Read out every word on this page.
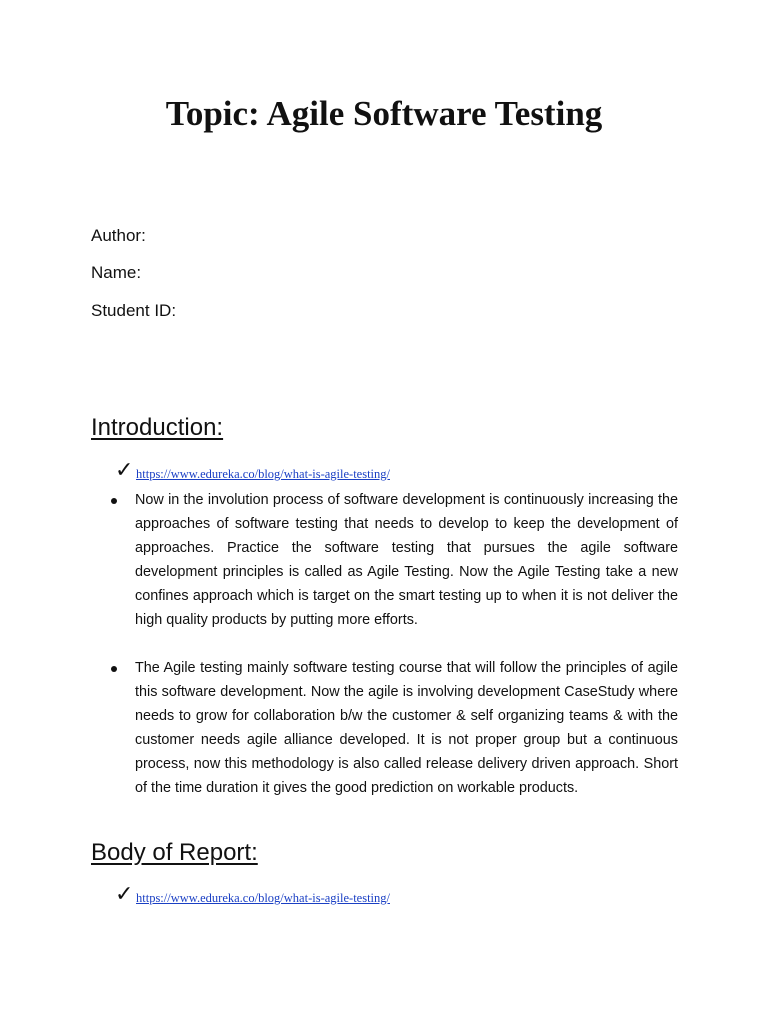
Topic: Agile Software Testing
Author:
Name:
Student ID:
Introduction:
✓ https://www.edureka.co/blog/what-is-agile-testing/
Now in the involution process of software development is continuously increasing the approaches of software testing that needs to develop to keep the development of approaches. Practice the software testing that pursues the agile software development principles is called as Agile Testing. Now the Agile Testing take a new confines approach which is target on the smart testing up to when it is not deliver the high quality products by putting more efforts.
The Agile testing mainly software testing course that will follow the principles of agile this software development. Now the agile is involving development CaseStudy where needs to grow for collaboration b/w the customer & self organizing teams & with the customer needs agile alliance developed. It is not proper group but a continuous process, now this methodology is also called release delivery driven approach. Short of the time duration it gives the good prediction on workable products.
Body of Report:
✓ https://www.edureka.co/blog/what-is-agile-testing/
